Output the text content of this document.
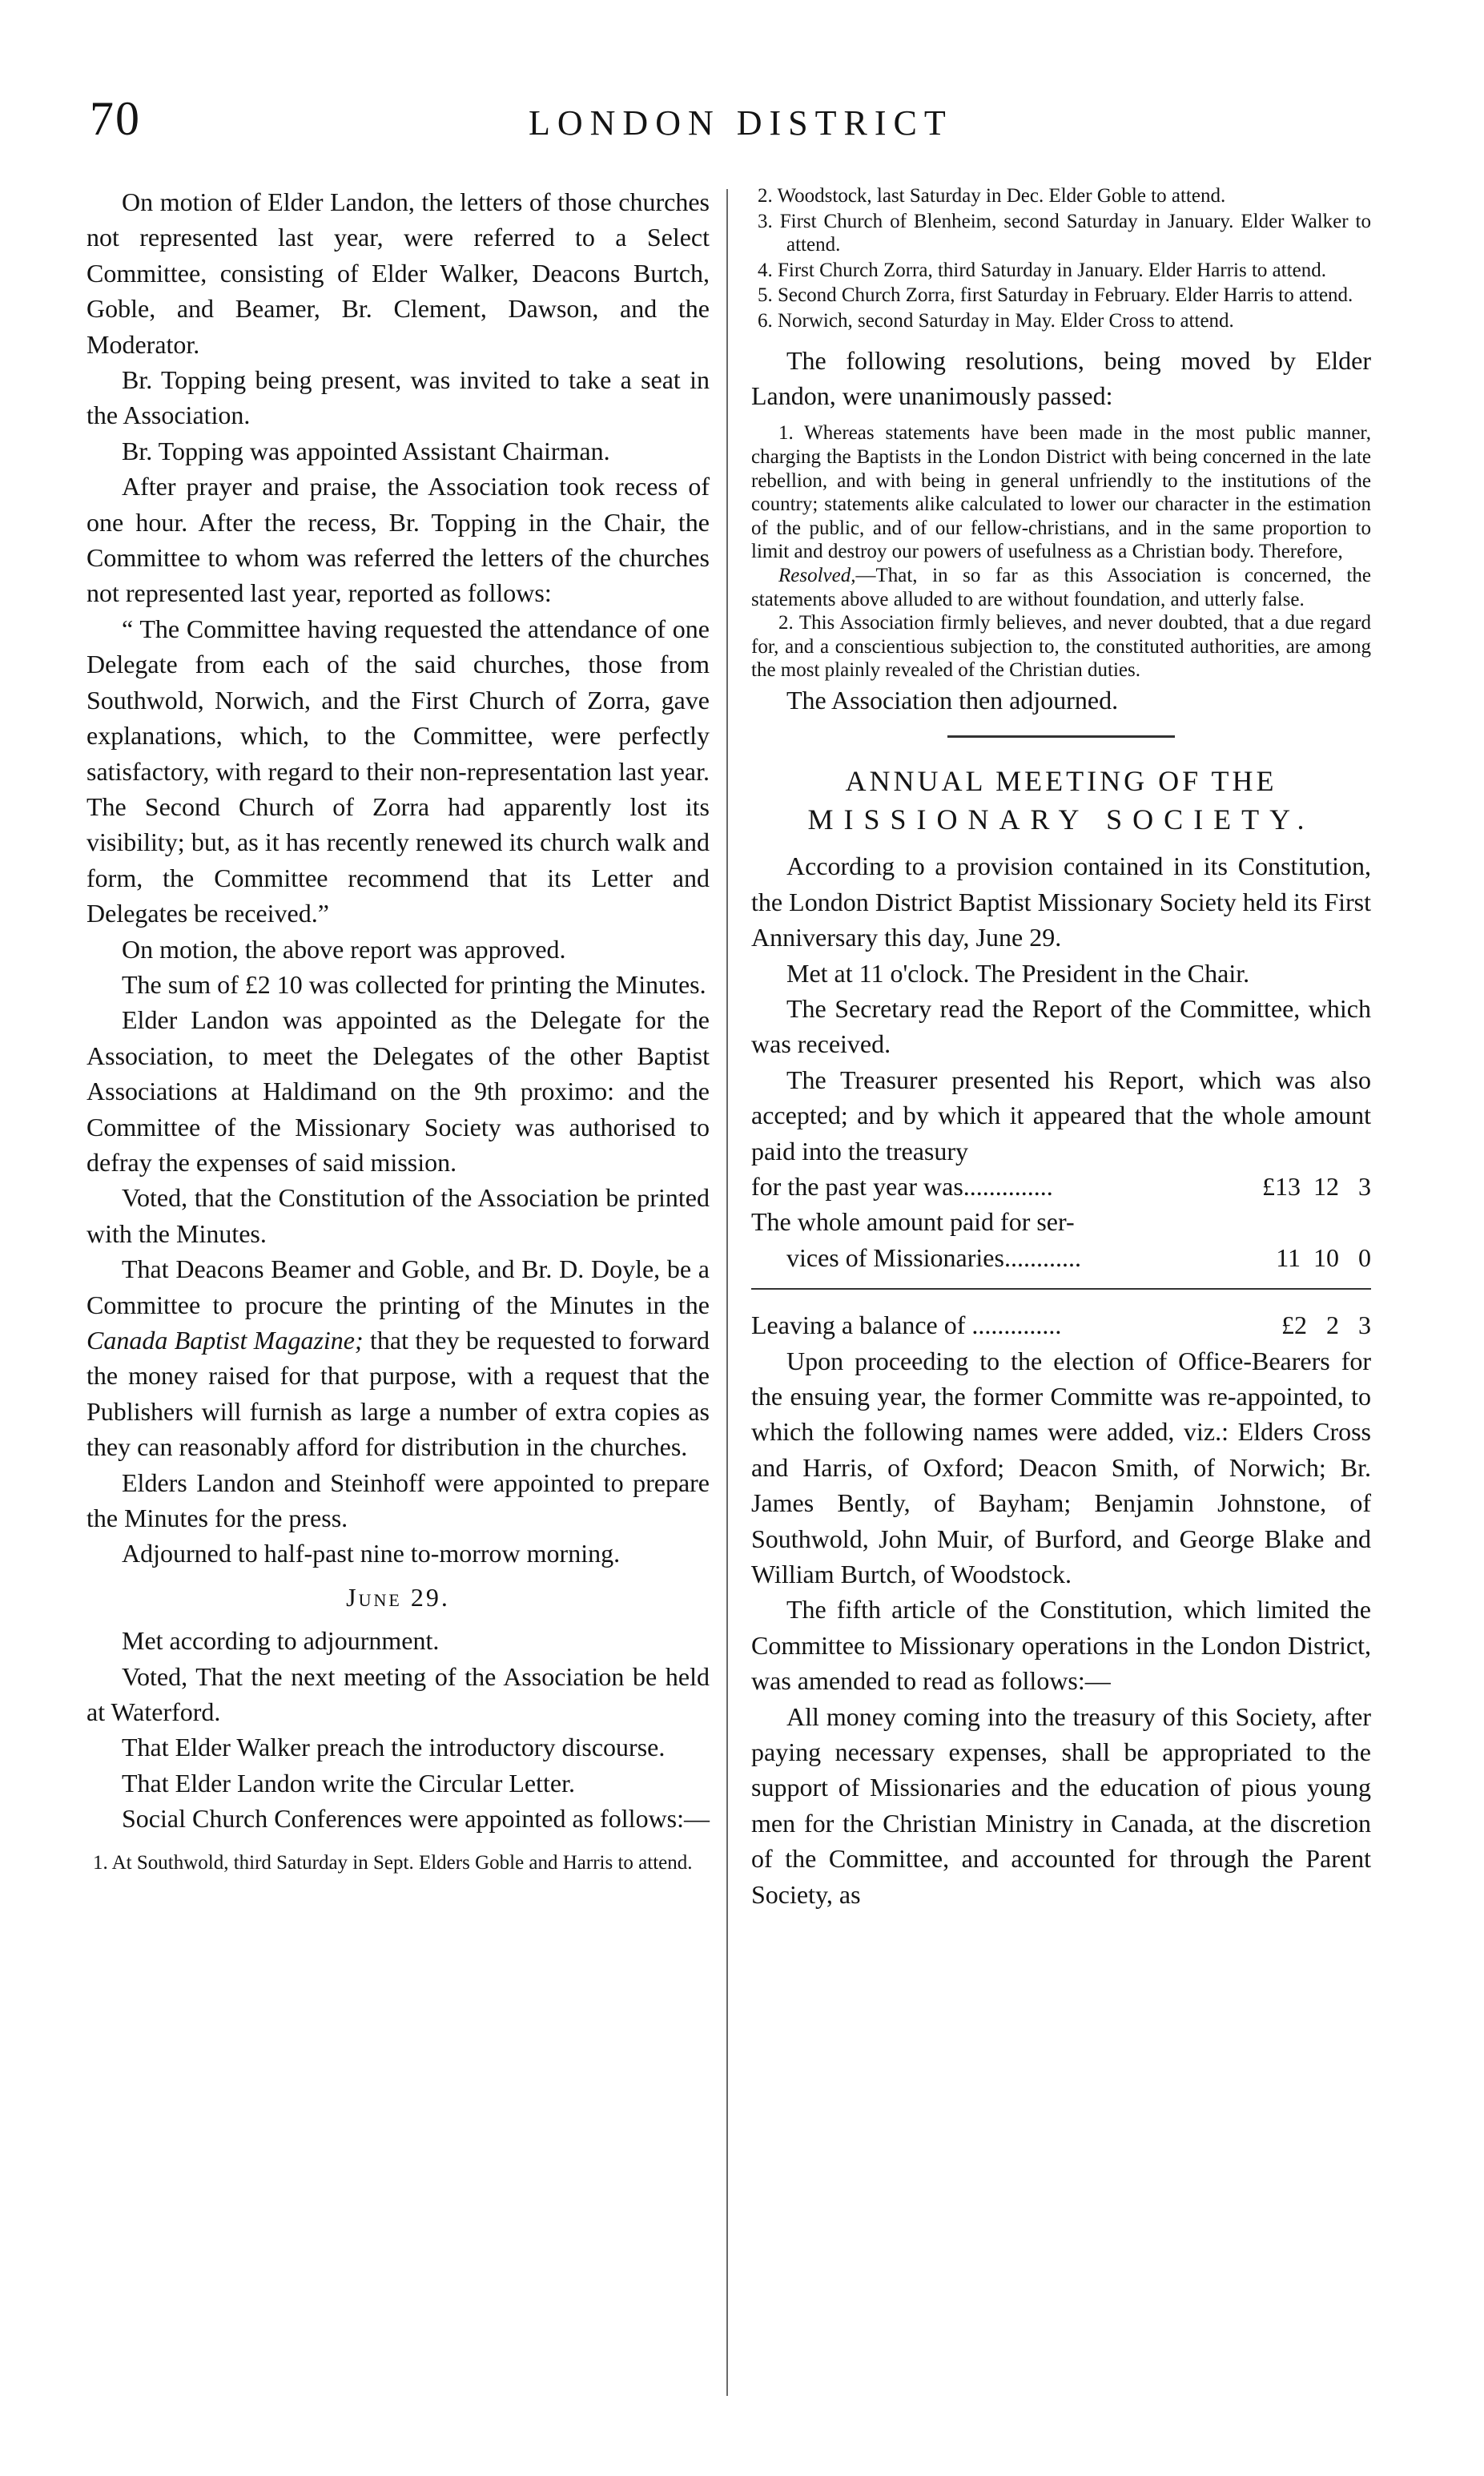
70	LONDON DISTRICT

On motion of Elder Landon, the letters of those churches not represented last year, were referred to a Select Committee, consisting of Elder Walker, Deacons Burtch, Goble, and Beamer, Br. Clement, Dawson, and the Moderator.

Br. Topping being present, was invited to take a seat in the Association.

Br. Topping was appointed Assistant Chairman.

After prayer and praise, the Association took recess of one hour. After the recess, Br. Topping in the Chair, the Committee to whom was referred the letters of the churches not represented last year, reported as follows:

“ The Committee having requested the attendance of one Delegate from each of the said churches, those from Southwold, Norwich, and the First Church of Zorra, gave explanations, which, to the Committee, were perfectly satisfactory, with regard to their non-representation last year. The Second Church of Zorra had apparently lost its visibility; but, as it has recently renewed its church walk and form, the Committee recommend that its Letter and Delegates be received.”

On motion, the above report was approved.

The sum of £2 10 was collected for printing the Minutes.

Elder Landon was appointed as the Delegate for the Association, to meet the Delegates of the other Baptist Associations at Haldimand on the 9th proximo: and the Committee of the Missionary Society was authorised to defray the expenses of said mission.

Voted, that the Constitution of the Association be printed with the Minutes.

That Deacons Beamer and Goble, and Br. D. Doyle, be a Committee to procure the printing of the Minutes in the Canada Baptist Magazine; that they be requested to forward the money raised for that purpose, with a request that the Publishers will furnish as large a number of extra copies as they can reasonably afford for distribution in the churches.

Elders Landon and Steinhoff were appointed to prepare the Minutes for the press.

Adjourned to half-past nine to-morrow morning.

June 29.

Met according to adjournment.

Voted, That the next meeting of the Association be held at Waterford.

That Elder Walker preach the introductory discourse.

That Elder Landon write the Circular Letter.

Social Church Conferences were appointed as follows:—

1. At Southwold, third Saturday in Sept. Elders Goble and Harris to attend.

2. Woodstock, last Saturday in Dec. Elder Goble to attend.

3. First Church of Blenheim, second Saturday in January. Elder Walker to attend.

4. First Church Zorra, third Saturday in January. Elder Harris to attend.

5. Second Church Zorra, first Saturday in February. Elder Harris to attend.

6. Norwich, second Saturday in May. Elder Cross to attend.

The following resolutions, being moved by Elder Landon, were unanimously passed:

1. Whereas statements have been made in the most public manner, charging the Baptists in the London District with being concerned in the late rebellion, and with being in general unfriendly to the institutions of the country; statements alike calculated to lower our character in the estimation of the public, and of our fellow-christians, and in the same proportion to limit and destroy our powers of usefulness as a Christian body. Therefore,

Resolved,—That, in so far as this Association is concerned, the statements above alluded to are without foundation, and utterly false.

2. This Association firmly believes, and never doubted, that a due regard for, and a conscientious subjection to, the constituted authorities, are among the most plainly revealed of the Christian duties.

The Association then adjourned.

ANNUAL MEETING OF THE

MISSIONARY SOCIETY.

According to a provision contained in its Constitution, the London District Baptist Missionary Society held its First Anniversary this day, June 29.

Met at 11 o'clock. The President in the Chair.

The Secretary read the Report of the Committee, which was received.

The Treasurer presented his Report, which was also accepted; and by which it appeared that the whole amount paid into the treasury

for the past year was..............	£13  12   3
The whole amount paid for ser-
vices of Missionaries............	11  10   0
Leaving a balance of ..............	£2   2   3

Upon proceeding to the election of Office-Bearers for the ensuing year, the former Committe was re-appointed, to which the following names were added, viz.: Elders Cross and Harris, of Oxford; Deacon Smith, of Norwich; Br. James Bently, of Bayham; Benjamin Johnstone, of Southwold, John Muir, of Burford, and George Blake and William Burtch, of Woodstock.

The fifth article of the Constitution, which limited the Committee to Missionary operations in the London District, was amended to read as follows:—

All money coming into the treasury of this Society, after paying necessary expenses, shall be appropriated to the support of Missionaries and the education of pious young men for the Christian Ministry in Canada, at the discretion of the Committee, and accounted for through the Parent Society, as
